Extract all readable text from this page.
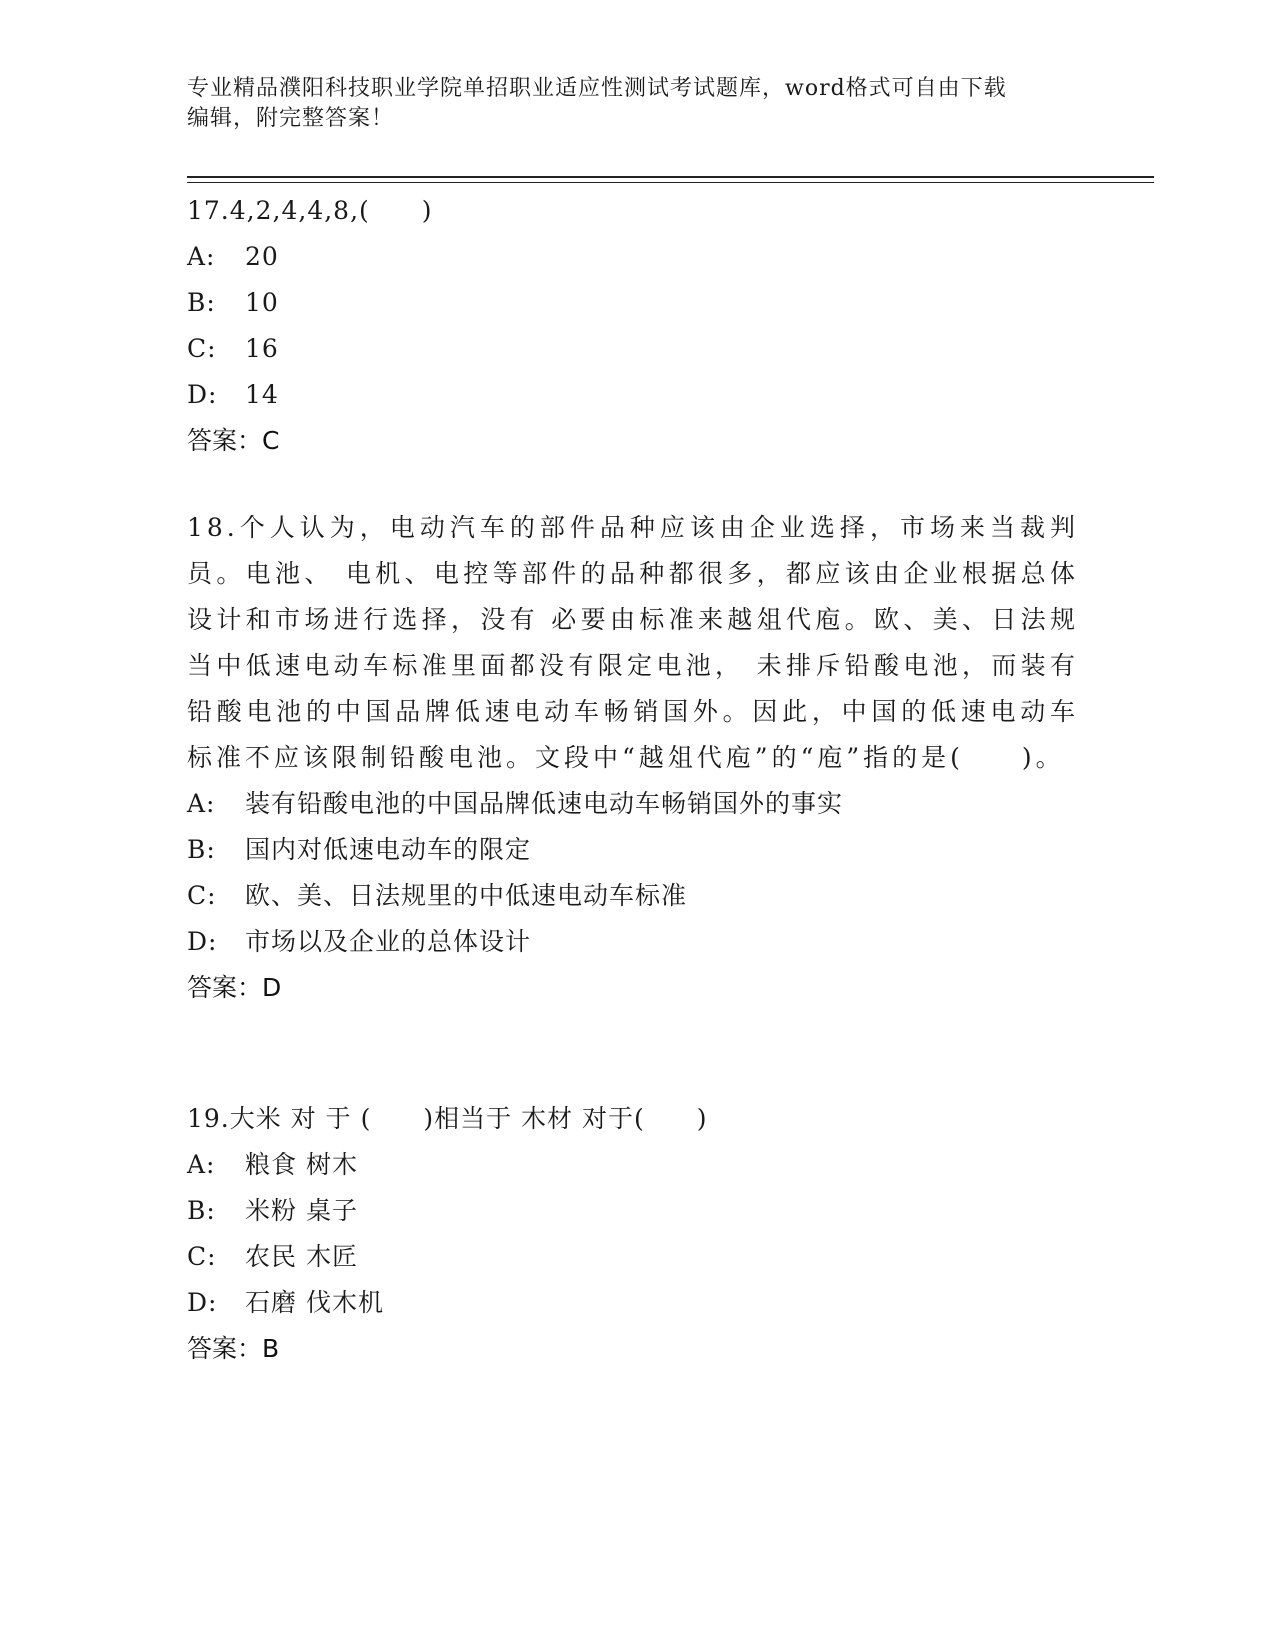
专业精品濮阳科技职业学院单招职业适应性测试考试题库，word格式可自由下载
编辑，附完整答案！
17.4,2,4,4,8,(　　)
A: 20
B: 10
C: 16
D: 14
答案：C
18.个人认为，电动汽车的部件品种应该由企业选择，市场来当裁判员。电池、 电机、电控等部件的品种都很多，都应该由企业根据总体设计和市场进行选择，没有 必要由标准来越俎代庖。欧、美、日法规当中低速电动车标准里面都没有限定电池， 未排斥铅酸电池，而装有铅酸电池的中国品牌低速电动车畅销国外。因此，中国的低速电动车标准不应该限制铅酸电池。文段中“越俎代庖”的“庖”指的是(　　)。
A: 装有铅酸电池的中国品牌低速电动车畅销国外的事实
B: 国内对低速电动车的限定
C: 欧、美、日法规里的中低速电动车标准
D: 市场以及企业的总体设计
答案：D
19.大米 对 于 (　　)相当于 木材 对于(　　)
A: 粮食 树木
B: 米粉 桌子
C: 农民 木匠
D: 石磨 伐木机
答案：B
